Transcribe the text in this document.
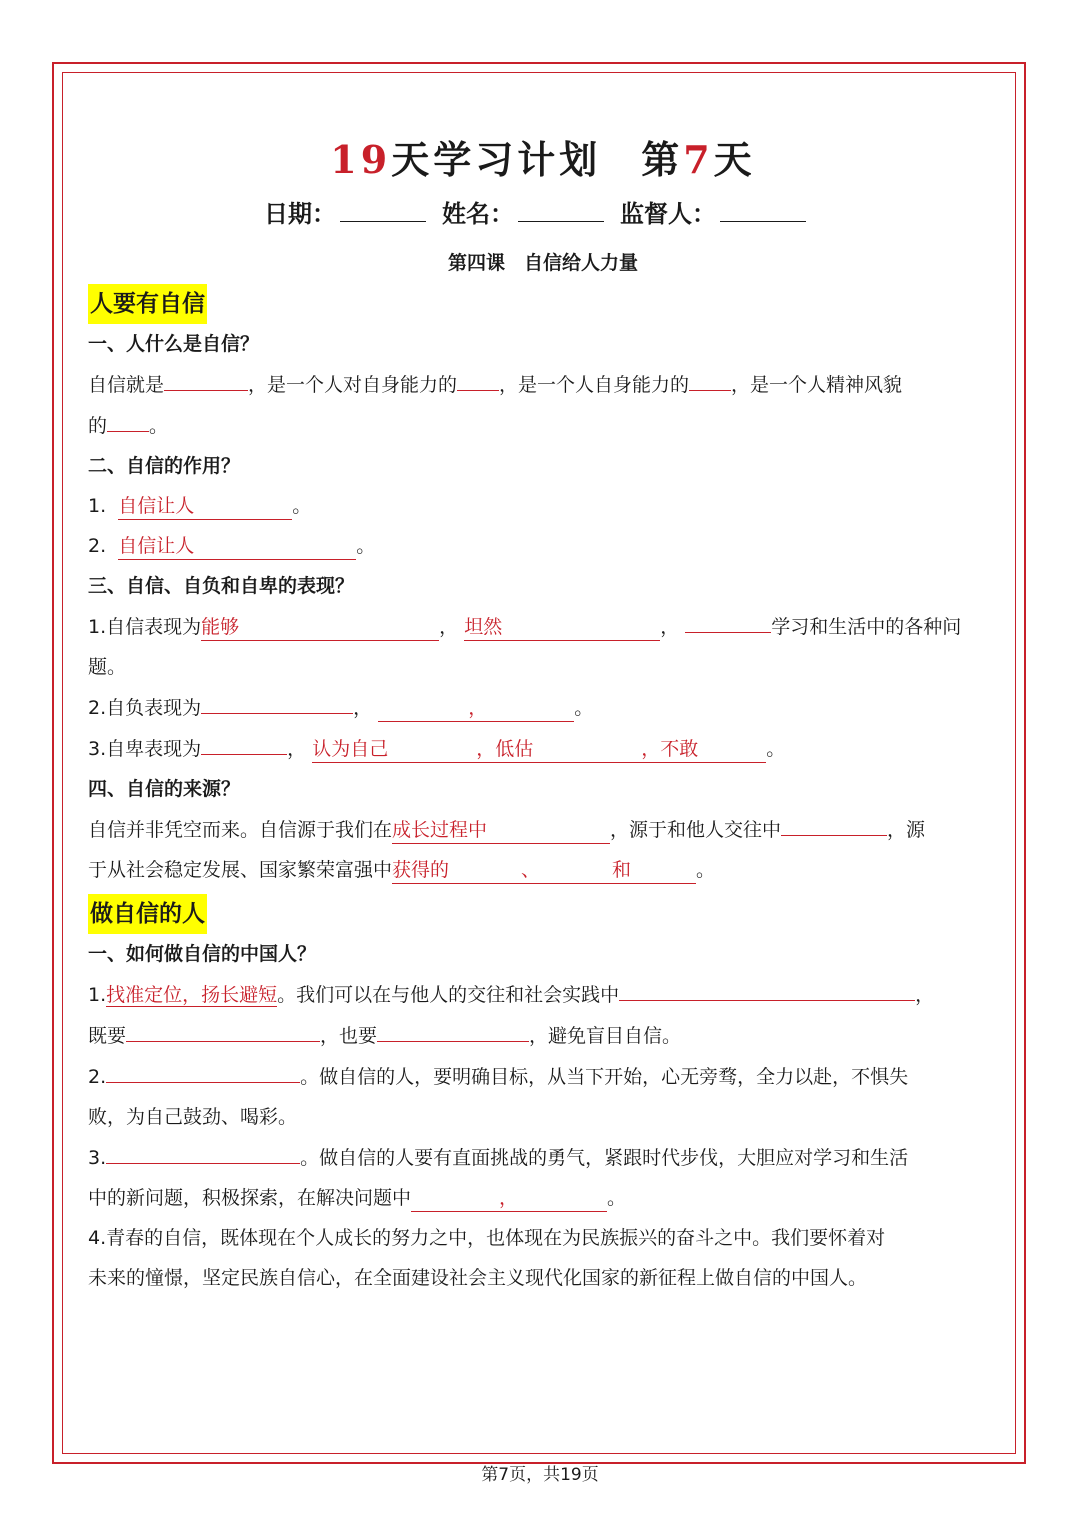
19天学习计划 第7天
日期：	姓名：	监督人：
第四课　自信给人力量
人要有自信
一、人什么是自信？
自信就是	，是一个人对自身能力的 ，是一个人自身能力的 ，是一个人精神风貌
的 。
二、自信的作用？
1. 自信让人	。
2. 自信让人	。
三、自信、自负和自卑的表现？
1.自信表现为能够	， 坦然	，	学习和生活中的各种问
题。
2.自负表现为	，	，	。
3.自卑表现为	， 认为自己	，低估	，不敢	。
四、自信的来源？
自信并非凭空而来。自信源于我们在成长过程中	，源于和他人交往中	，源
于从社会稳定发展、国家繁荣富强中获得的	、	和	。
做自信的人
一、如何做自信的中国人？
1.找准定位，扬长避短。我们可以在与他人的交往和社会实践中	，
既要	，也要	，避免盲目自信。
2.	。做自信的人，要明确目标，从当下开始，心无旁骛，全力以赴，不惧失
败，为自己鼓劲、喝彩。
3.	。做自信的人要有直面挑战的勇气，紧跟时代步伐，大胆应对学习和生活
中的新问题，积极探索，在解决问题中	，	。
4.青春的自信，既体现在个人成长的努力之中，也体现在为民族振兴的奋斗之中。我们要怀着对
未来的憧憬，坚定民族自信心，在全面建设社会主义现代化国家的新征程上做自信的中国人。
第7页，共19页
